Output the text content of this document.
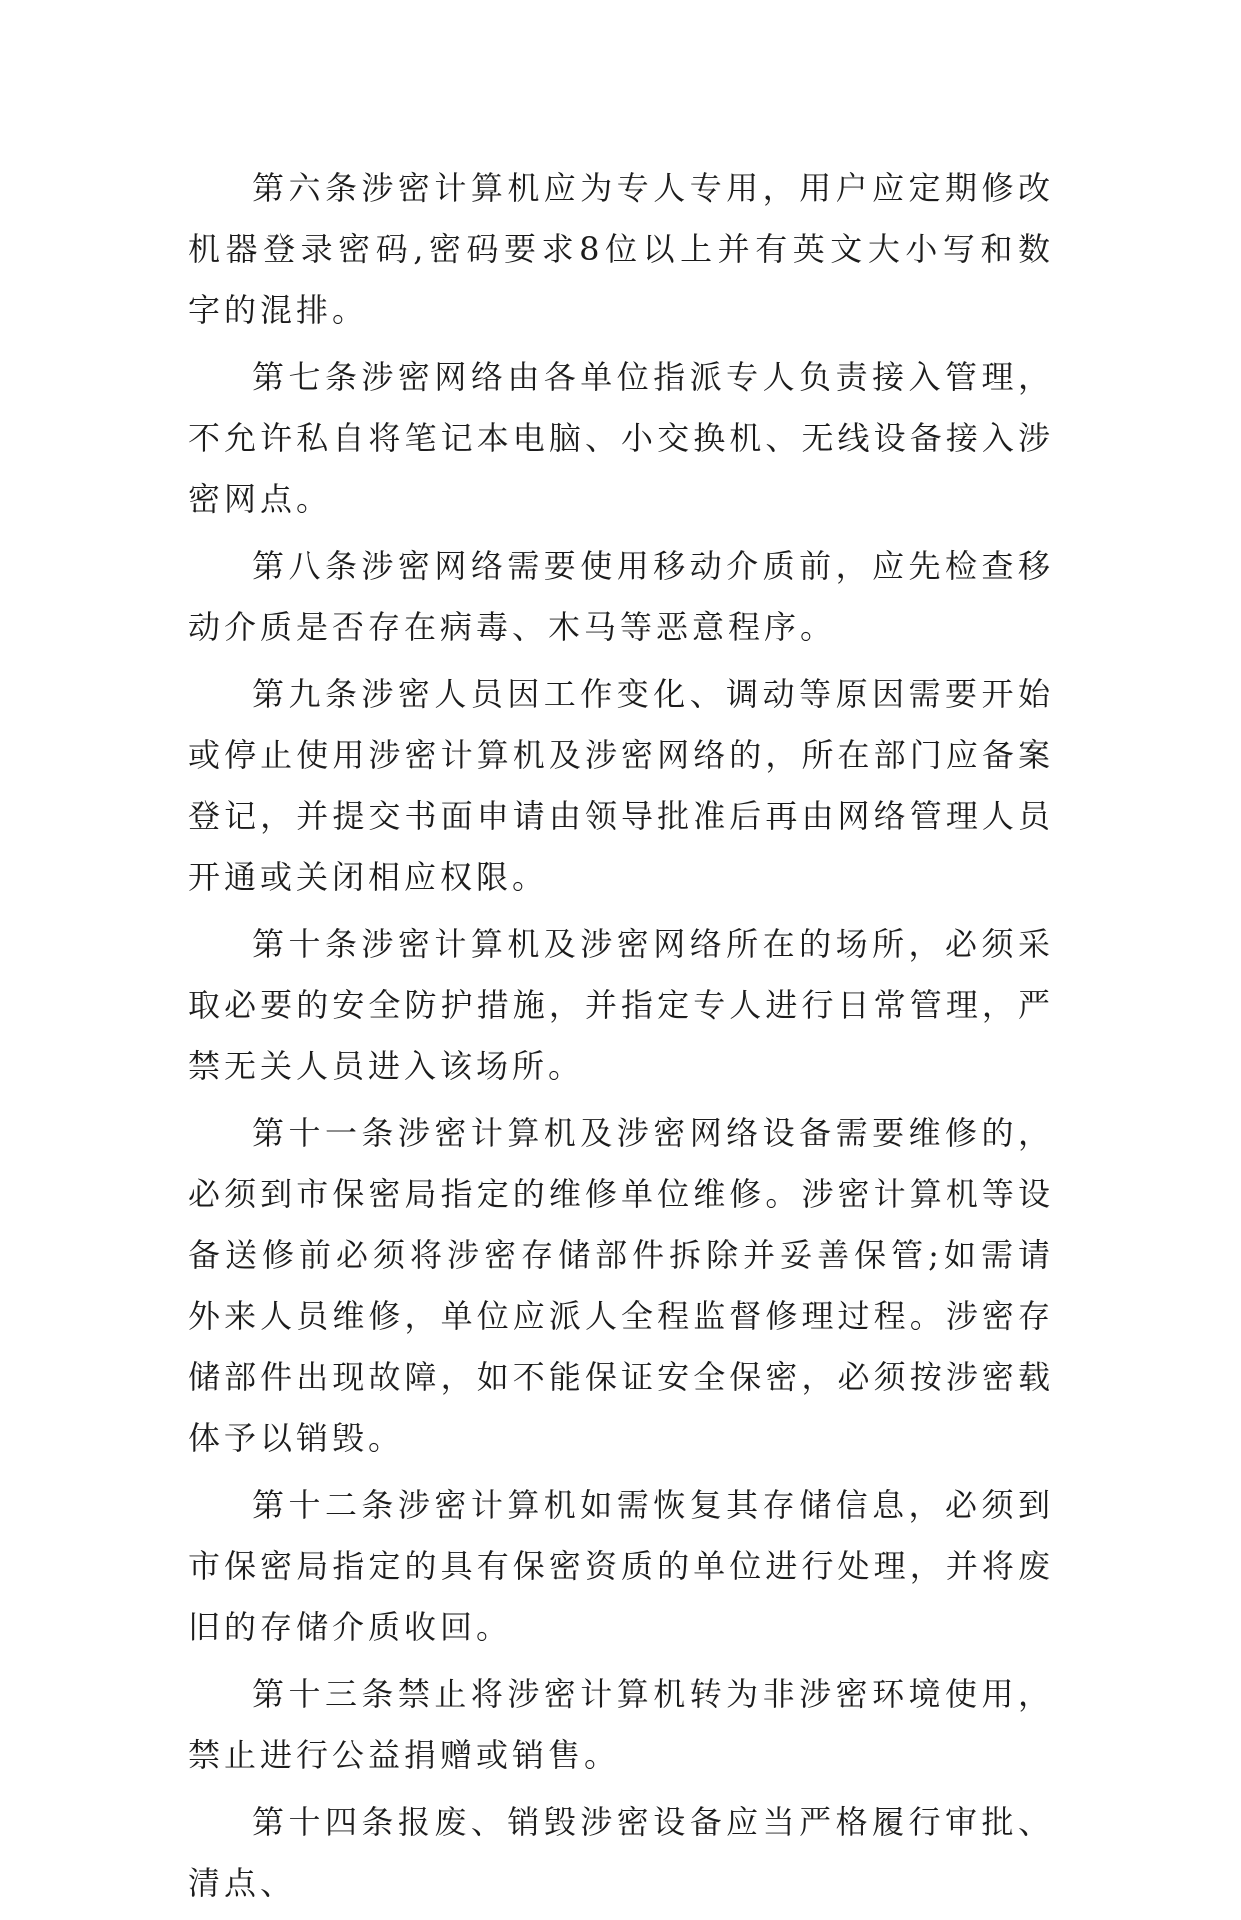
第六条涉密计算机应为专人专用，用户应定期修改机器登录密码,密码要求8位以上并有英文大小写和数字的混排。

第七条涉密网络由各单位指派专人负责接入管理，不允许私自将笔记本电脑、小交换机、无线设备接入涉密网点。

第八条涉密网络需要使用移动介质前，应先检查移动介质是否存在病毒、木马等恶意程序。

第九条涉密人员因工作变化、调动等原因需要开始或停止使用涉密计算机及涉密网络的，所在部门应备案登记，并提交书面申请由领导批准后再由网络管理人员开通或关闭相应权限。

第十条涉密计算机及涉密网络所在的场所，必须采取必要的安全防护措施，并指定专人进行日常管理，严禁无关人员进入该场所。

第十一条涉密计算机及涉密网络设备需要维修的，必须到市保密局指定的维修单位维修。涉密计算机等设备送修前必须将涉密存储部件拆除并妥善保管;如需请外来人员维修，单位应派人全程监督修理过程。涉密存储部件出现故障，如不能保证安全保密，必须按涉密载体予以销毁。

第十二条涉密计算机如需恢复其存储信息，必须到市保密局指定的具有保密资质的单位进行处理，并将废旧的存储介质收回。

第十三条禁止将涉密计算机转为非涉密环境使用，禁止进行公益捐赠或销售。

第十四条报废、销毁涉密设备应当严格履行审批、清点、
